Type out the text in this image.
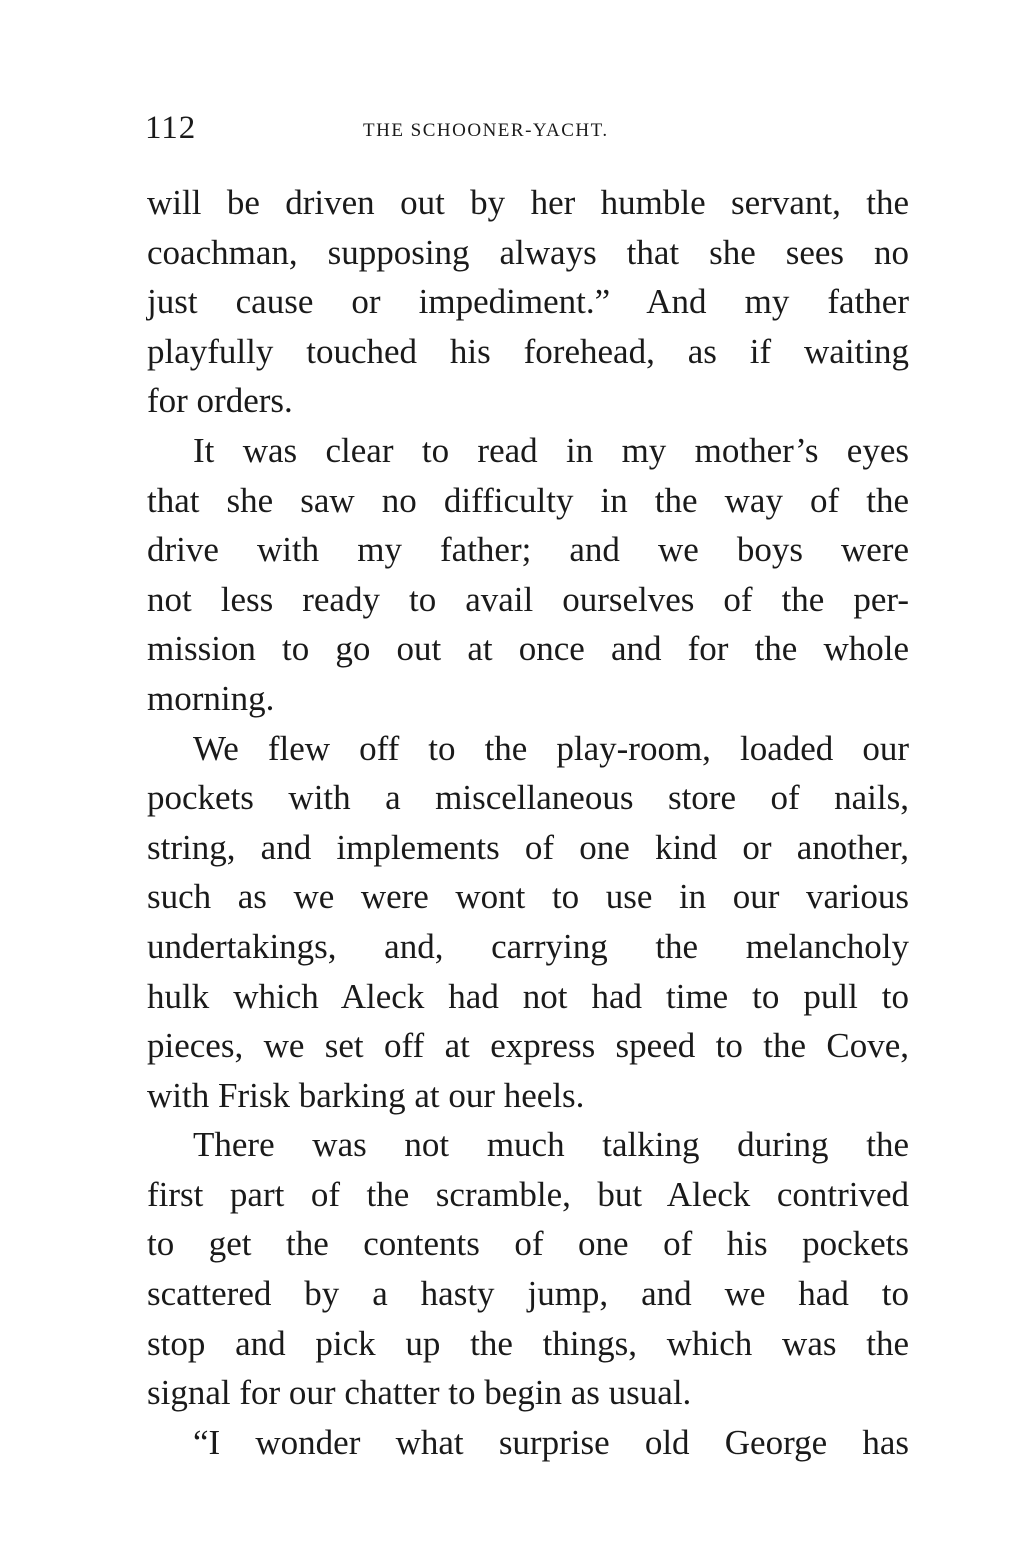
112	THE SCHOONER-YACHT.
will be driven out by her humble servant, the
coachman, supposing always that she sees no
just cause or impediment.” And my father
playfully touched his forehead, as if waiting
for orders.
It was clear to read in my mother’s eyes
that she saw no difficulty in the way of the
drive with my father; and we boys were
not less ready to avail ourselves of the per-
mission to go out at once and for the whole
morning.
We flew off to the play-room, loaded our
pockets with a miscellaneous store of nails,
string, and implements of one kind or another,
such as we were wont to use in our various
undertakings, and, carrying the melancholy
hulk which Aleck had not had time to pull to
pieces, we set off at express speed to the Cove,
with Frisk barking at our heels.
There was not much talking during the
first part of the scramble, but Aleck contrived
to get the contents of one of his pockets
scattered by a hasty jump, and we had to
stop and pick up the things, which was the
signal for our chatter to begin as usual.
“I wonder what surprise old George has
